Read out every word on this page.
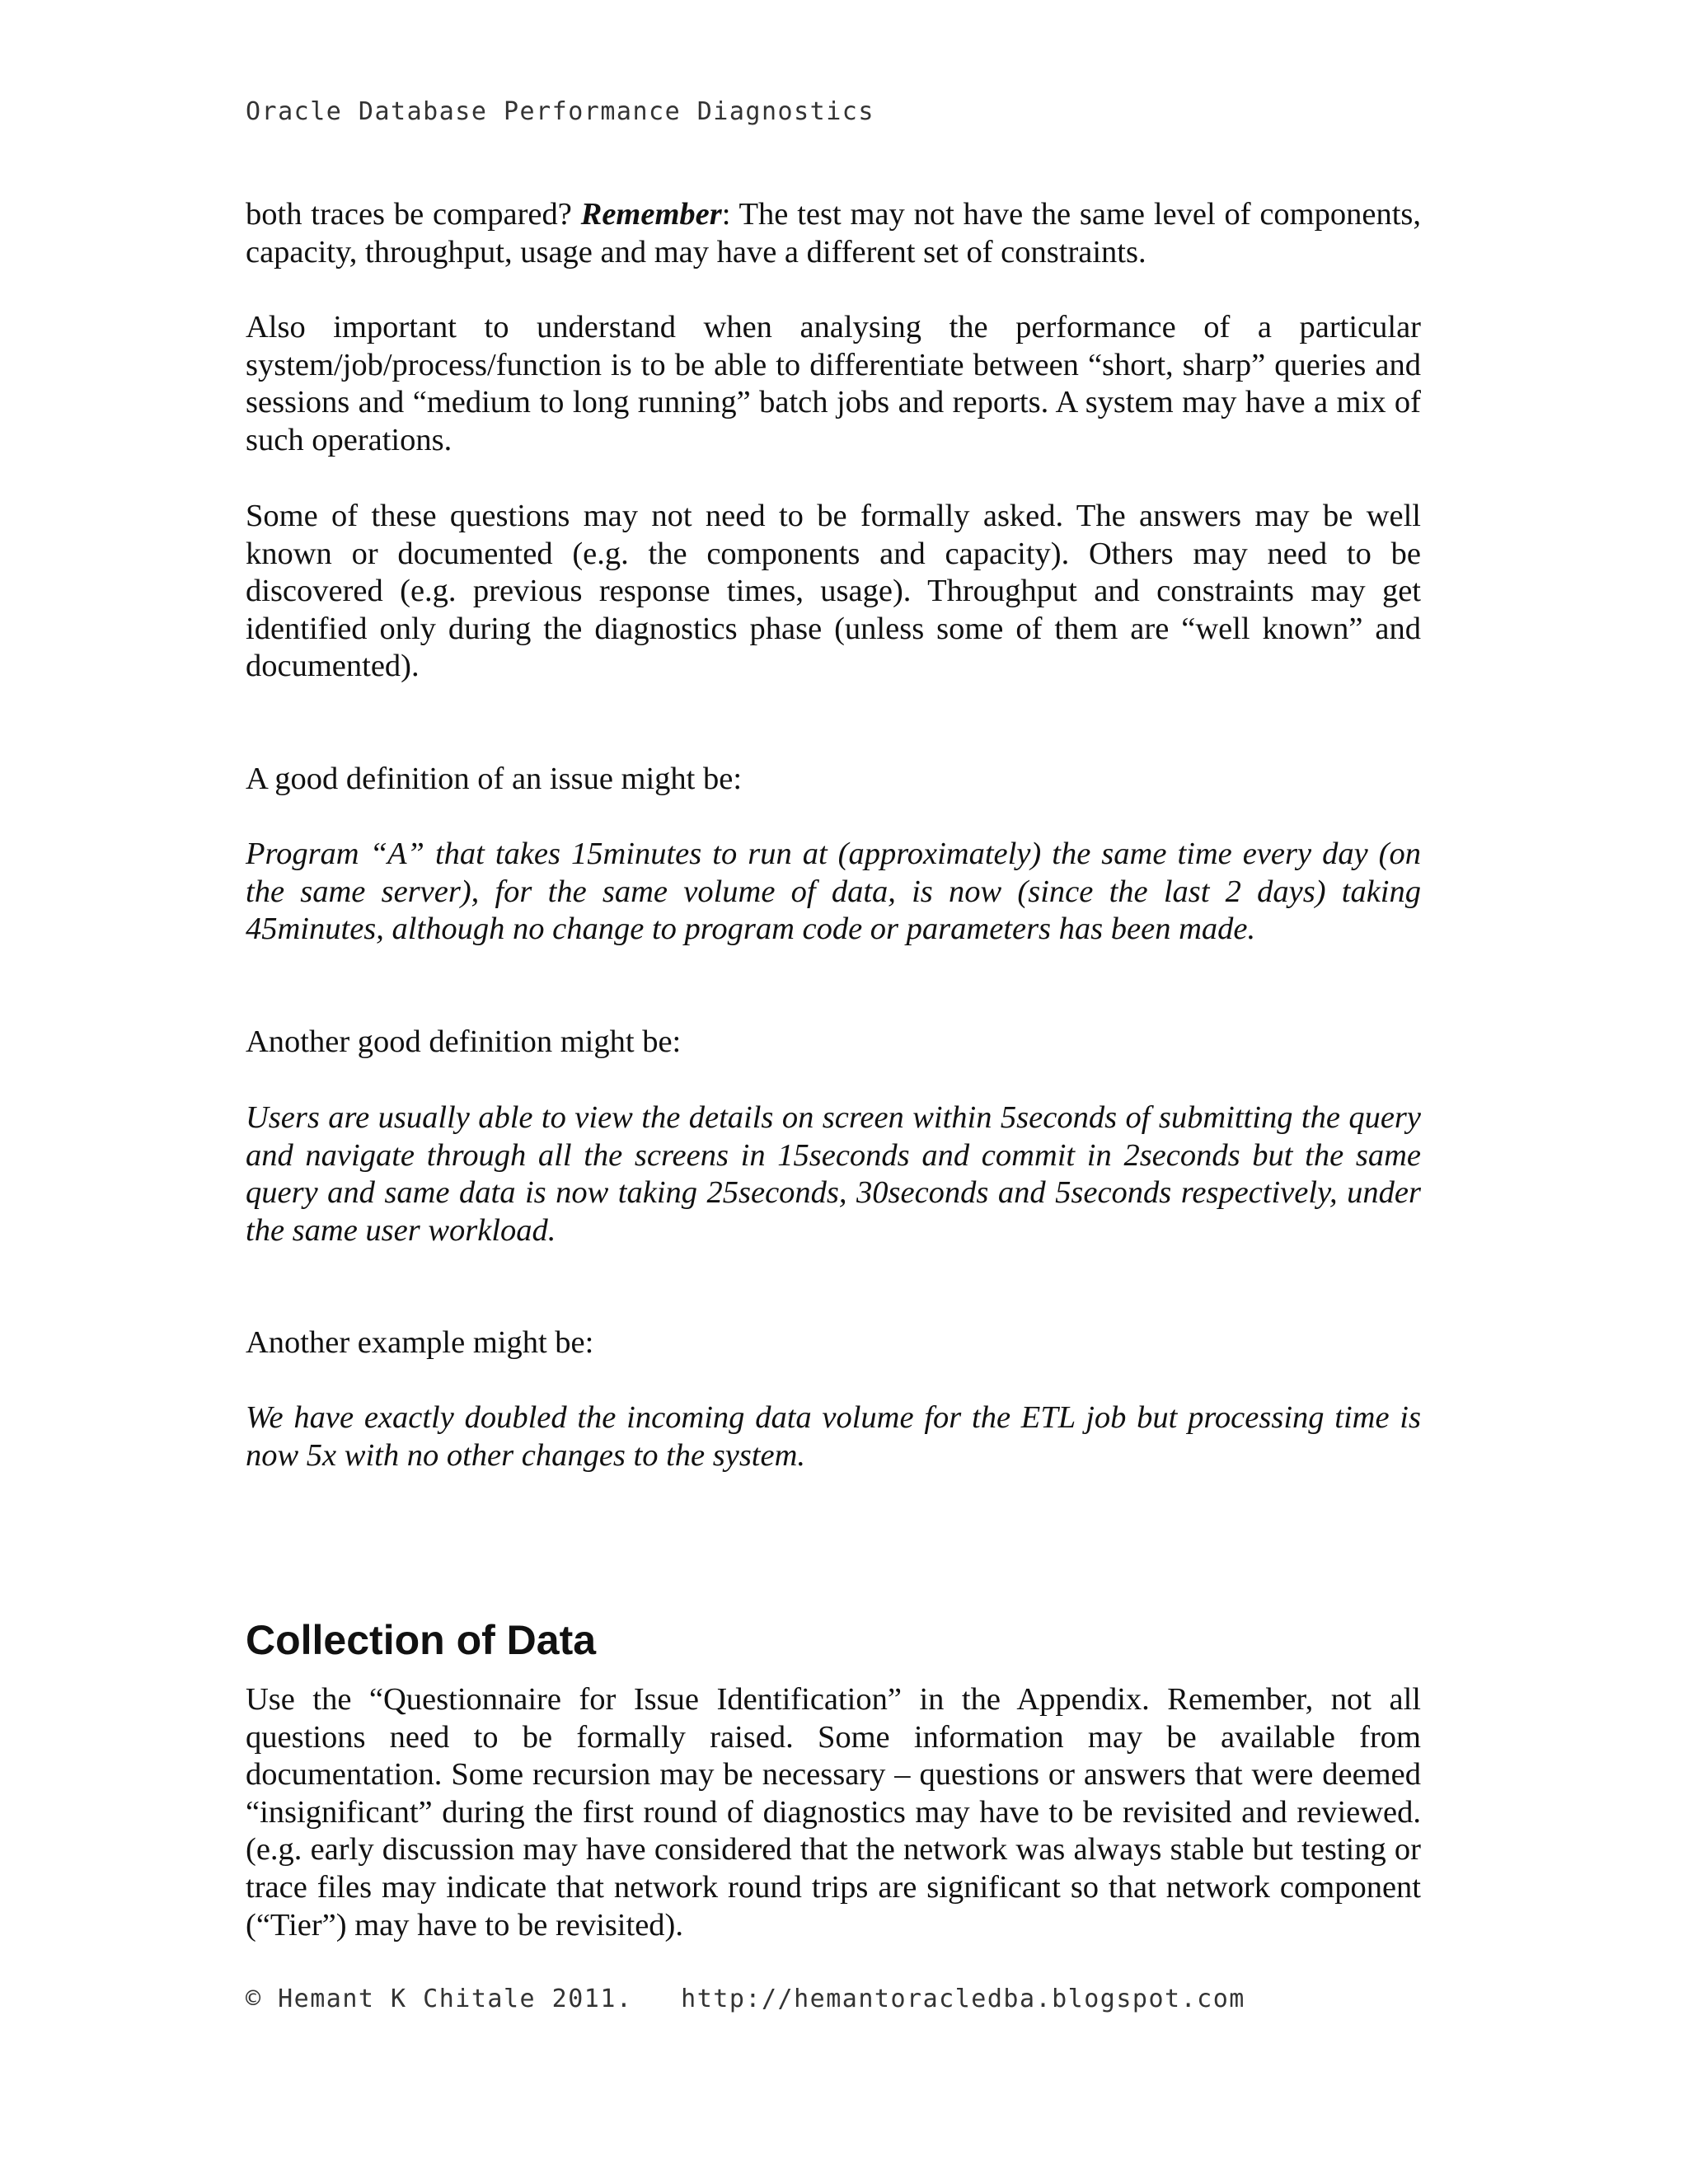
Oracle Database Performance Diagnostics

both traces be compared? Remember: The test may not have the same level of components, capacity, throughput, usage and may have a different set of constraints.

Also important to understand when analysing the performance of a particular system/job/process/function is to be able to differentiate between “short, sharp” queries and sessions and “medium to long running” batch jobs and reports. A system may have a mix of such operations.

Some of these questions may not need to be formally asked. The answers may be well known or documented (e.g. the components and capacity). Others may need to be discovered (e.g. previous response times, usage). Throughput and constraints may get identified only during the diagnostics phase (unless some of them are “well known” and documented).

A good definition of an issue might be:

Program “A” that takes 15minutes to run at (approximately) the same time every day (on the same server), for the same volume of data, is now (since the last 2 days) taking 45minutes, although no change to program code or parameters has been made.

Another good definition might be:

Users are usually able to view the details on screen within 5seconds of submitting the query and navigate through all the screens in 15seconds and commit in 2seconds but the same query and same data is now taking 25seconds, 30seconds and 5seconds respectively, under the same user workload.

Another example might be:

We have exactly doubled the incoming data volume for the ETL job but processing time is now 5x with no other changes to the system.

Collection of Data

Use the “Questionnaire for Issue Identification” in the Appendix. Remember, not all questions need to be formally raised. Some information may be available from documentation. Some recursion may be necessary – questions or answers that were deemed “insignificant” during the first round of diagnostics may have to be revisited and reviewed. (e.g. early discussion may have considered that the network was always stable but testing or trace files may indicate that network round trips are significant so that network component (“Tier”) may have to be revisited).

© Hemant K Chitale 2011. http://hemantoracledba.blogspot.com
